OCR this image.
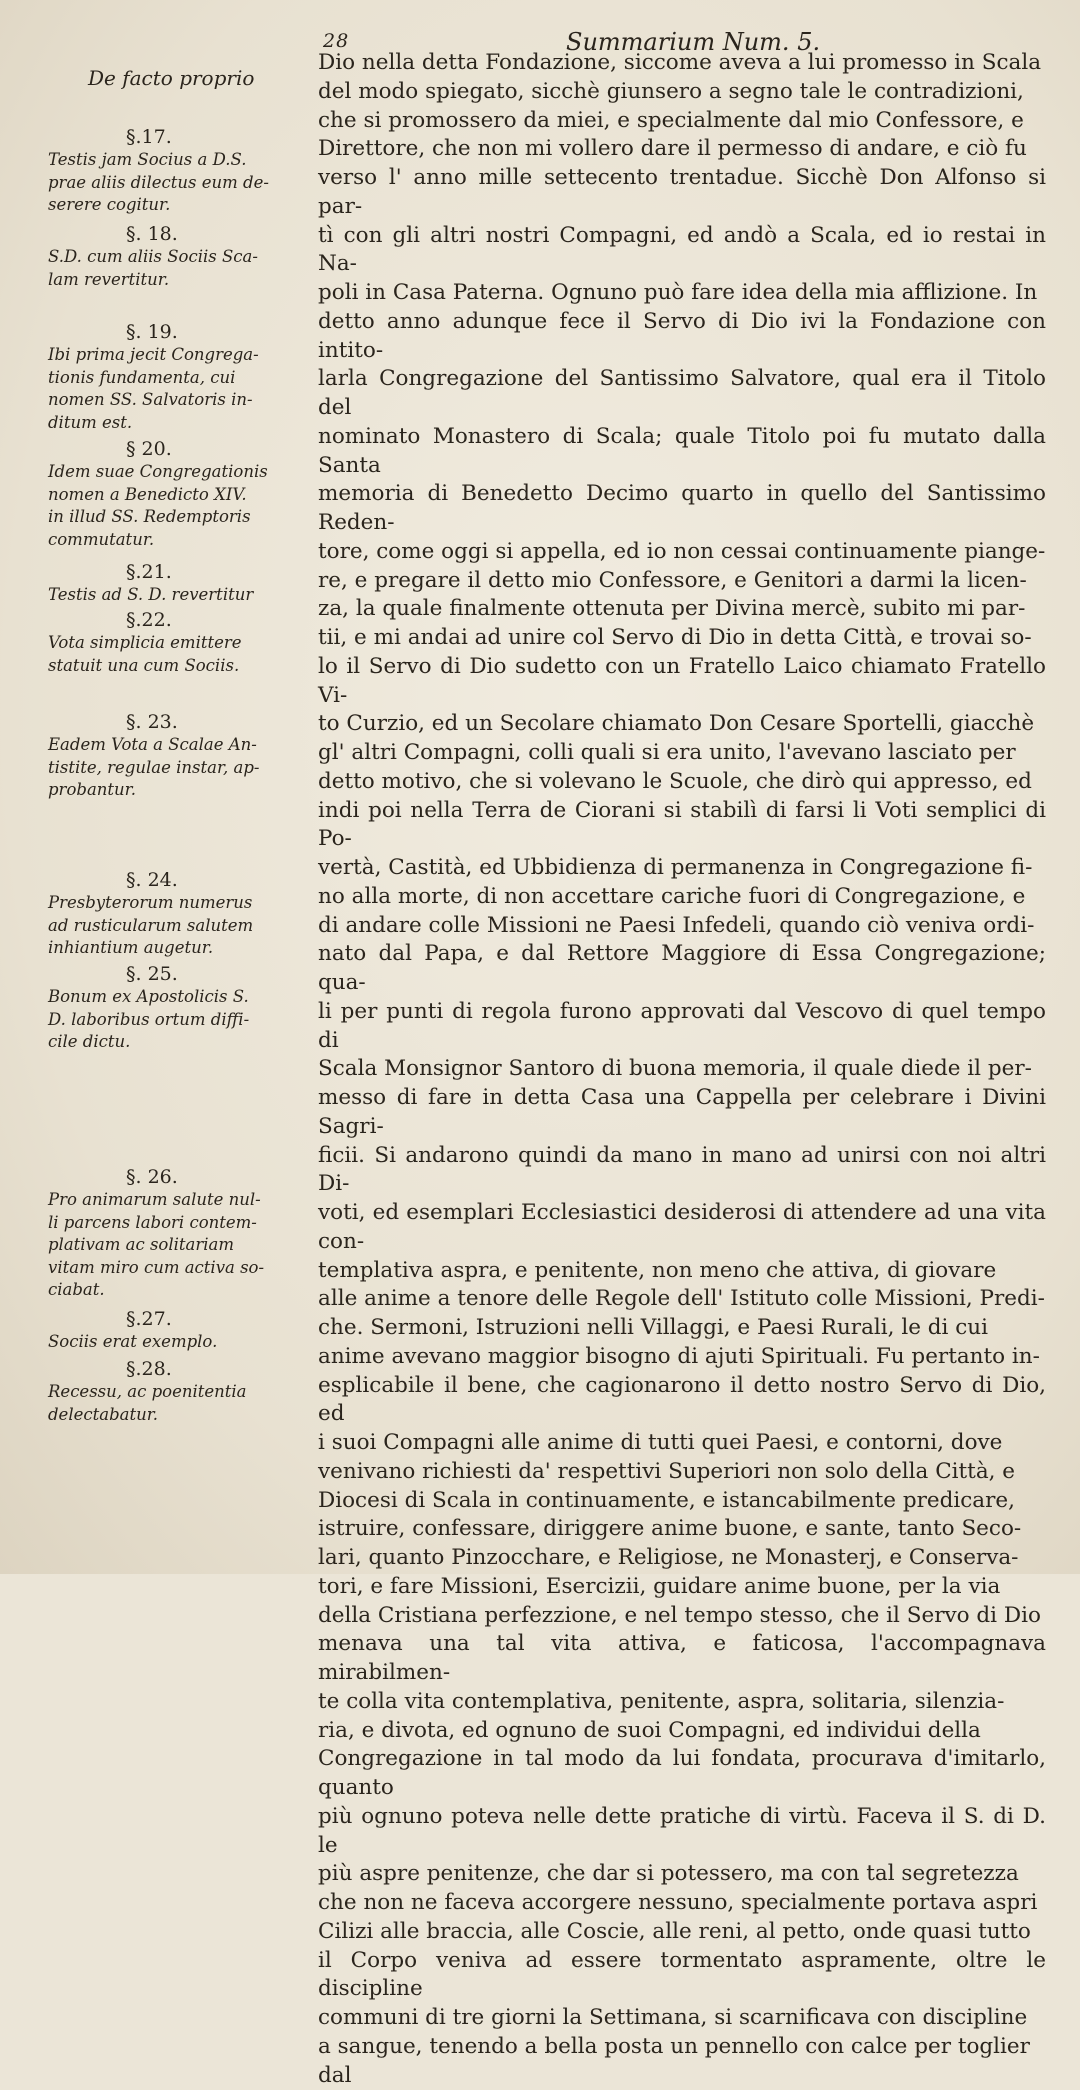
28	Summarium Num. 5.
De facto proprio
§.17.
Testis jam Socius a D.S.
prae aliis dilectus eum de-
serere cogitur.
§. 18.
S.D. cum aliis Sociis Sca-
lam revertitur.
§. 19.
Ibi prima jecit Congrega-
tionis fundamenta, cui
nomen SS. Salvatoris in-
ditum est.
§ 20.
Idem suae Congregationis
nomen a Benedicto XIV.
in illud SS. Redemptoris
commutatur.
§.21.
Testis ad S. D. revertitur
§.22.
Vota simplicia emittere
statuit una cum Sociis.
§. 23.
Eadem Vota a Scalae An-
tistite, regulae instar, ap-
probantur.
§. 24.
Presbyterorum numerus
ad rusticularum salutem
inhiantium augetur.
§. 25.
Bonum ex Apostolicis S.
D. laboribus ortum diffi-
cile dictu.
§. 26.
Pro animarum salute nul-
li parcens labori contem-
plativam ac solitariam
vitam miro cum activa so-
ciabat.
§.27.
Sociis erat exemplo.
§.28.
Recessu, ac poenitentia
delectabatur.
Dio nella detta Fondazione, siccome aveva a lui promesso in Scala
del modo spiegato, sicchè giunsero a segno tale le contradizioni,
che si promossero da miei, e specialmente dal mio Confessore, e
Direttore, che non mi vollero dare il permesso di andare, e ciò fu
verso l' anno mille settecento trentadue. Sicchè Don Alfonso si par-
tì con gli altri nostri Compagni, ed andò a Scala, ed io restai in Na-
poli in Casa Paterna. Ognuno può fare idea della mia afflizione. In
detto anno adunque fece il Servo di Dio ivi la Fondazione con intito-
larla Congregazione del Santissimo Salvatore, qual era il Titolo del
nominato Monastero di Scala; quale Titolo poi fu mutato dalla Santa
memoria di Benedetto Decimo quarto in quello del Santissimo Reden-
tore, come oggi si appella, ed io non cessai continuamente piange-
re, e pregare il detto mio Confessore, e Genitori a darmi la licen-
za, la quale finalmente ottenuta per Divina mercè, subito mi par-
tii, e mi andai ad unire col Servo di Dio in detta Città, e trovai so-
lo il Servo di Dio sudetto con un Fratello Laico chiamato Fratello Vi-
to Curzio, ed un Secolare chiamato Don Cesare Sportelli, giacchè
gl' altri Compagni, colli quali si era unito, l'avevano lasciato per
detto motivo, che si volevano le Scuole, che dirò qui appresso, ed
indi poi nella Terra de Ciorani si stabilì di farsi li Voti semplici di Po-
vertà, Castità, ed Ubbidienza di permanenza in Congregazione fi-
no alla morte, di non accettare cariche fuori di Congregazione, e
di andare colle Missioni ne Paesi Infedeli, quando ciò veniva ordi-
nato dal Papa, e dal Rettore Maggiore di Essa Congregazione; qua-
li per punti di regola furono approvati dal Vescovo di quel tempo di
Scala Monsignor Santoro di buona memoria, il quale diede il per-
messo di fare in detta Casa una Cappella per celebrare i Divini Sagri-
ficii. Si andarono quindi da mano in mano ad unirsi con noi altri Di-
voti, ed esemplari Ecclesiastici desiderosi di attendere ad una vita con-
templativa aspra, e penitente, non meno che attiva, di giovare
alle anime a tenore delle Regole dell' Istituto colle Missioni, Predi-
che. Sermoni, Istruzioni nelli Villaggi, e Paesi Rurali, le di cui
anime avevano maggior bisogno di ajuti Spirituali. Fu pertanto in-
esplicabile il bene, che cagionarono il detto nostro Servo di Dio, ed
i suoi Compagni alle anime di tutti quei Paesi, e contorni, dove
venivano richiesti da' respettivi Superiori non solo della Città, e
Diocesi di Scala in continuamente, e istancabilmente predicare,
istruire, confessare, diriggere anime buone, e sante, tanto Seco-
lari, quanto Pinzocchare, e Religiose, ne Monasterj, e Conserva-
tori, e fare Missioni, Esercizii, guidare anime buone, per la via
della Cristiana perfezzione, e nel tempo stesso, che il Servo di Dio
menava una tal vita attiva, e faticosa, l'accompagnava mirabilmen-
te colla vita contemplativa, penitente, aspra, solitaria, silenzia-
ria, e divota, ed ognuno de suoi Compagni, ed individui della
Congregazione in tal modo da lui fondata, procurava d'imitarlo, quanto
più ognuno poteva nelle dette pratiche di virtù. Faceva il S. di D. le
più aspre penitenze, che dar si potessero, ma con tal segretezza
che non ne faceva accorgere nessuno, specialmente portava aspri
Cilizi alle braccia, alle Coscie, alle reni, al petto, onde quasi tutto
il Corpo veniva ad essere tormentato aspramente, oltre le discipline
communi di tre giorni la Settimana, si scarnificava con discipline
a sangue, tenendo a bella posta un pennello con calce per toglier
dal
